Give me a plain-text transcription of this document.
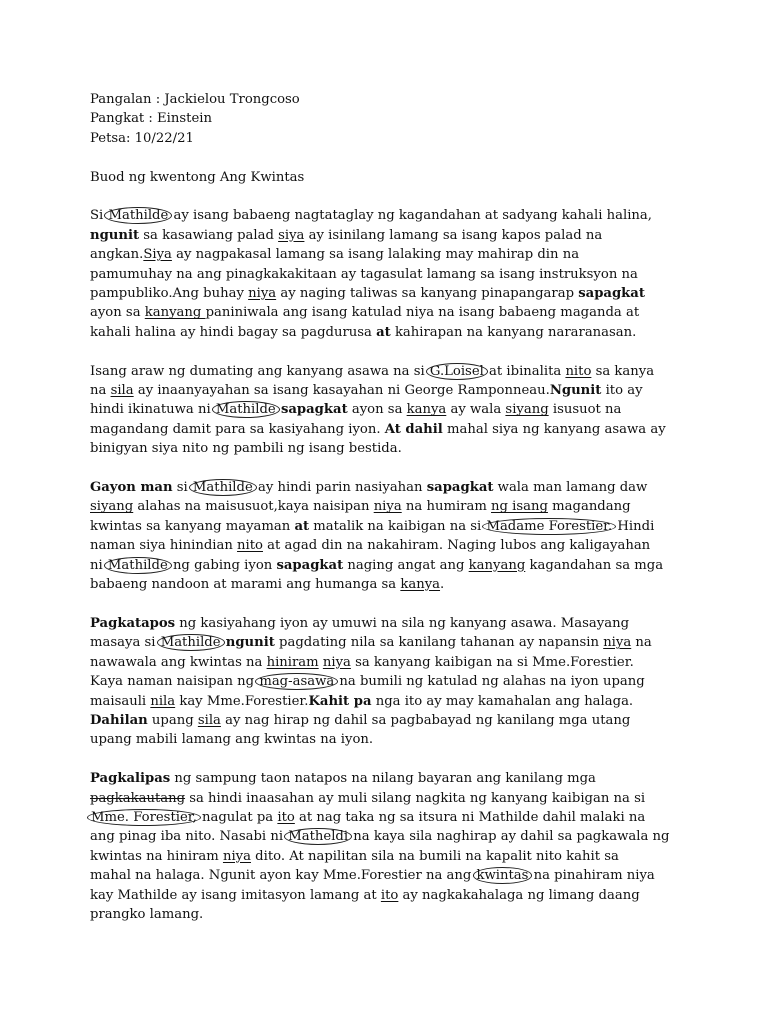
Pangalan : Jackielou Trongcoso
Pangkat : Einstein
Petsa: 10/22/21
Buod ng kwentong Ang Kwintas
Si Mathilde ay isang babaeng nagtataglay ng kagandahan at sadyang kahali halina,
ngunit sa kasawiang palad siya ay isinilang lamang sa isang kapos palad na
angkan.Siya ay nagpakasal lamang sa isang lalaking may mahirap din na
pamumuhay na ang pinagkakakitaan ay tagasulat lamang sa isang instruksyon na
pampubliko.Ang buhay niya ay naging taliwas sa kanyang pinapangarap sapagkat
ayon sa kanyang paniniwala ang isang katulad niya na isang babaeng maganda at
kahali halina ay hindi bagay sa pagdurusa at kahirapan na kanyang nararanasan.
Isang araw ng dumating ang kanyang asawa na si G.Loisel at ibinalita nito sa kanya
na sila ay inaanyayahan sa isang kasayahan ni George Ramponneau.Ngunit ito ay
hindi ikinatuwa ni Mathilde sapagkat ayon sa kanya ay wala siyang isusuot na
magandang damit para sa kasiyahang iyon. At dahil mahal siya ng kanyang asawa ay
binigyan siya nito ng pambili ng isang bestida.
Gayon man si Mathilde ay hindi parin nasiyahan sapagkat wala man lamang daw
siyang alahas na maisusuot,kaya naisipan niya na humiram ng isang magandang
kwintas sa kanyang mayaman at matalik na kaibigan na si Madame Forestier. Hindi
naman siya hinindian nito at agad din na nakahiram. Naging lubos ang kaligayahan
ni Mathilde ng gabing iyon sapagkat naging angat ang kanyang kagandahan sa mga
babaeng nandoon at marami ang humanga sa kanya.
Pagkatapos ng kasiyahang iyon ay umuwi na sila ng kanyang asawa. Masayang
masaya si Mathilde ngunit pagdating nila sa kanilang tahanan ay napansin niya na
nawawala ang kwintas na hiniram niya sa kanyang kaibigan na si Mme.Forestier.
Kaya naman naisipan ng mag-asawa na bumili ng katulad ng alahas na iyon upang
maisauli nila kay Mme.Forestier.Kahit pa nga ito ay may kamahalan ang halaga.
Dahilan upang sila ay nag hirap ng dahil sa pagbabayad ng kanilang mga utang
upang mabili lamang ang kwintas na iyon.
Pagkalipas ng sampung taon natapos na nilang bayaran ang kanilang mga
pagkakautang sa hindi inaasahan ay muli silang nagkita ng kanyang kaibigan na si
Mme. Forestier, nagulat pa ito at nag taka ng sa itsura ni Mathilde dahil malaki na
ang pinag iba nito. Nasabi ni Matheldi na kaya sila naghirap ay dahil sa pagkawala ng
kwintas na hiniram niya dito. At napilitan sila na bumili na kapalit nito kahit sa
mahal na halaga. Ngunit ayon kay Mme.Forestier na ang kwintas na pinahiram niya
kay Mathilde ay isang imitasyon lamang at ito ay nagkakahalaga ng limang daang
prangko lamang.
